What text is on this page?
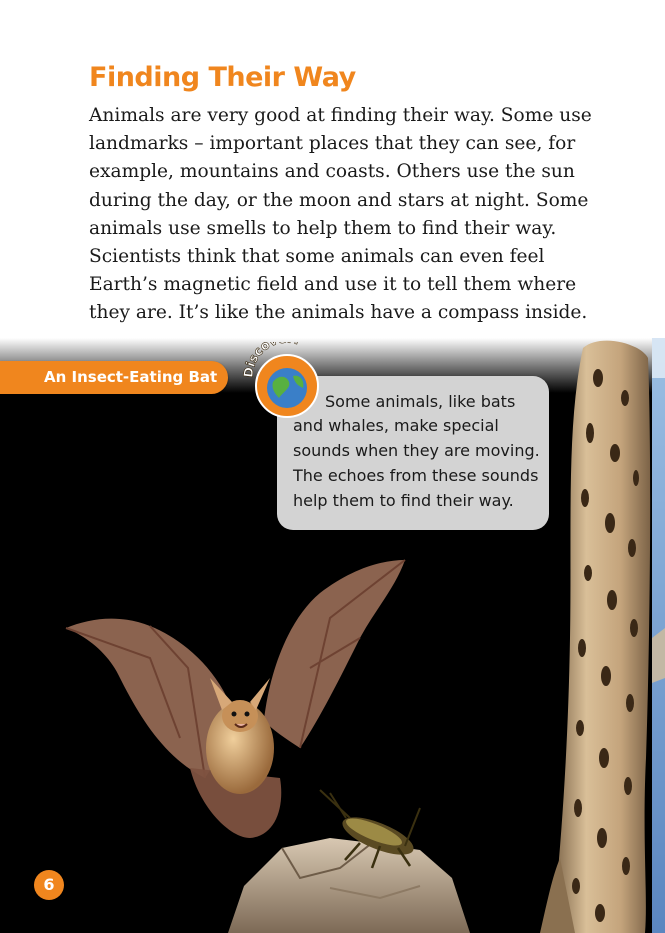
Finding Their Way
Animals are very good at finding their way. Some use
landmarks – important places that they can see, for
example, mountains and coasts. Others use the sun
during the day, or the moon and stars at night. Some
animals use smells to help them to find their way.
Scientists think that some animals can even feel
Earth’s magnetic field and use it to tell them where
they are. It’s like the animals have a compass inside.
An Insect-Eating Bat
Some animals, like bats
and whales, make special
sounds when they are moving.
The echoes from these sounds
help them to find their way.
isco
6
